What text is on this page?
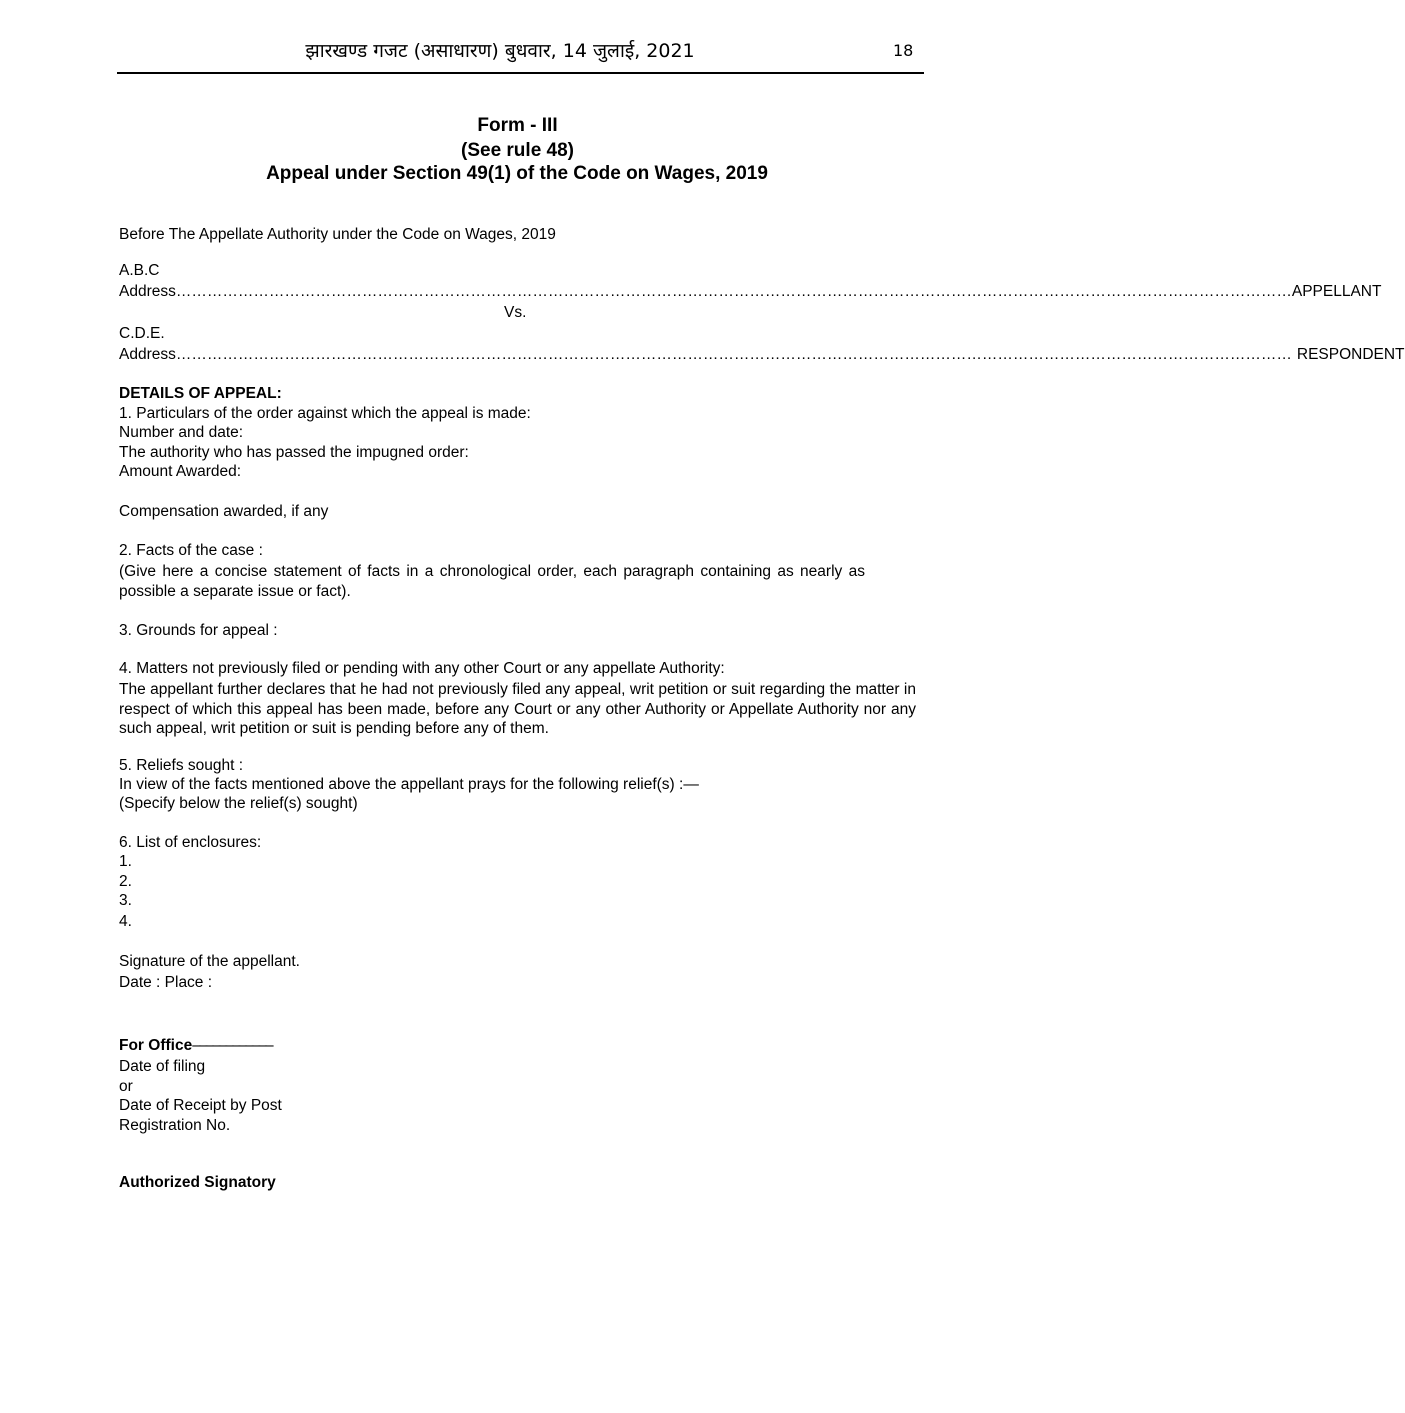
झारखण्ड गजट (असाधारण) बुधवार, 14 जुलाई, 2021	18
Form - III
(See rule 48)
Appeal under Section 49(1) of the Code on Wages, 2019
Before The Appellate Authority under the Code on Wages, 2019
A.B.C
Address ……………………………………………………………………………………………………………………………………………………………………………………………… APPELLANT
Vs.
C.D.E.
Address ……………………………………………………………………………………………………………………………………………………………………………………………… RESPONDENT
DETAILS OF APPEAL:
1. Particulars of the order against which the appeal is made:
Number and date:
The authority who has passed the impugned order:
Amount Awarded:
Compensation awarded, if any
2. Facts of the case :
(Give here a concise statement of facts in a chronological order, each paragraph containing as nearly as possible a separate issue or fact).
3. Grounds for appeal :
4. Matters not previously filed or pending with any other Court or any appellate Authority:
The appellant further declares that he had not previously filed any appeal, writ petition or suit regarding the matter in respect of which this appeal has been made, before any Court or any other Authority or Appellate Authority nor any such appeal, writ petition or suit is pending before any of them.
5. Reliefs sought :
In view of the facts mentioned above the appellant prays for the following relief(s) :—
(Specify below the relief(s) sought)
6. List of enclosures:
1.
2.
3.
4.
Signature of the appellant.
Date : Place :
For Office––––––––––––
Date of filing
or
Date of Receipt by Post
Registration No.
Authorized Signatory
